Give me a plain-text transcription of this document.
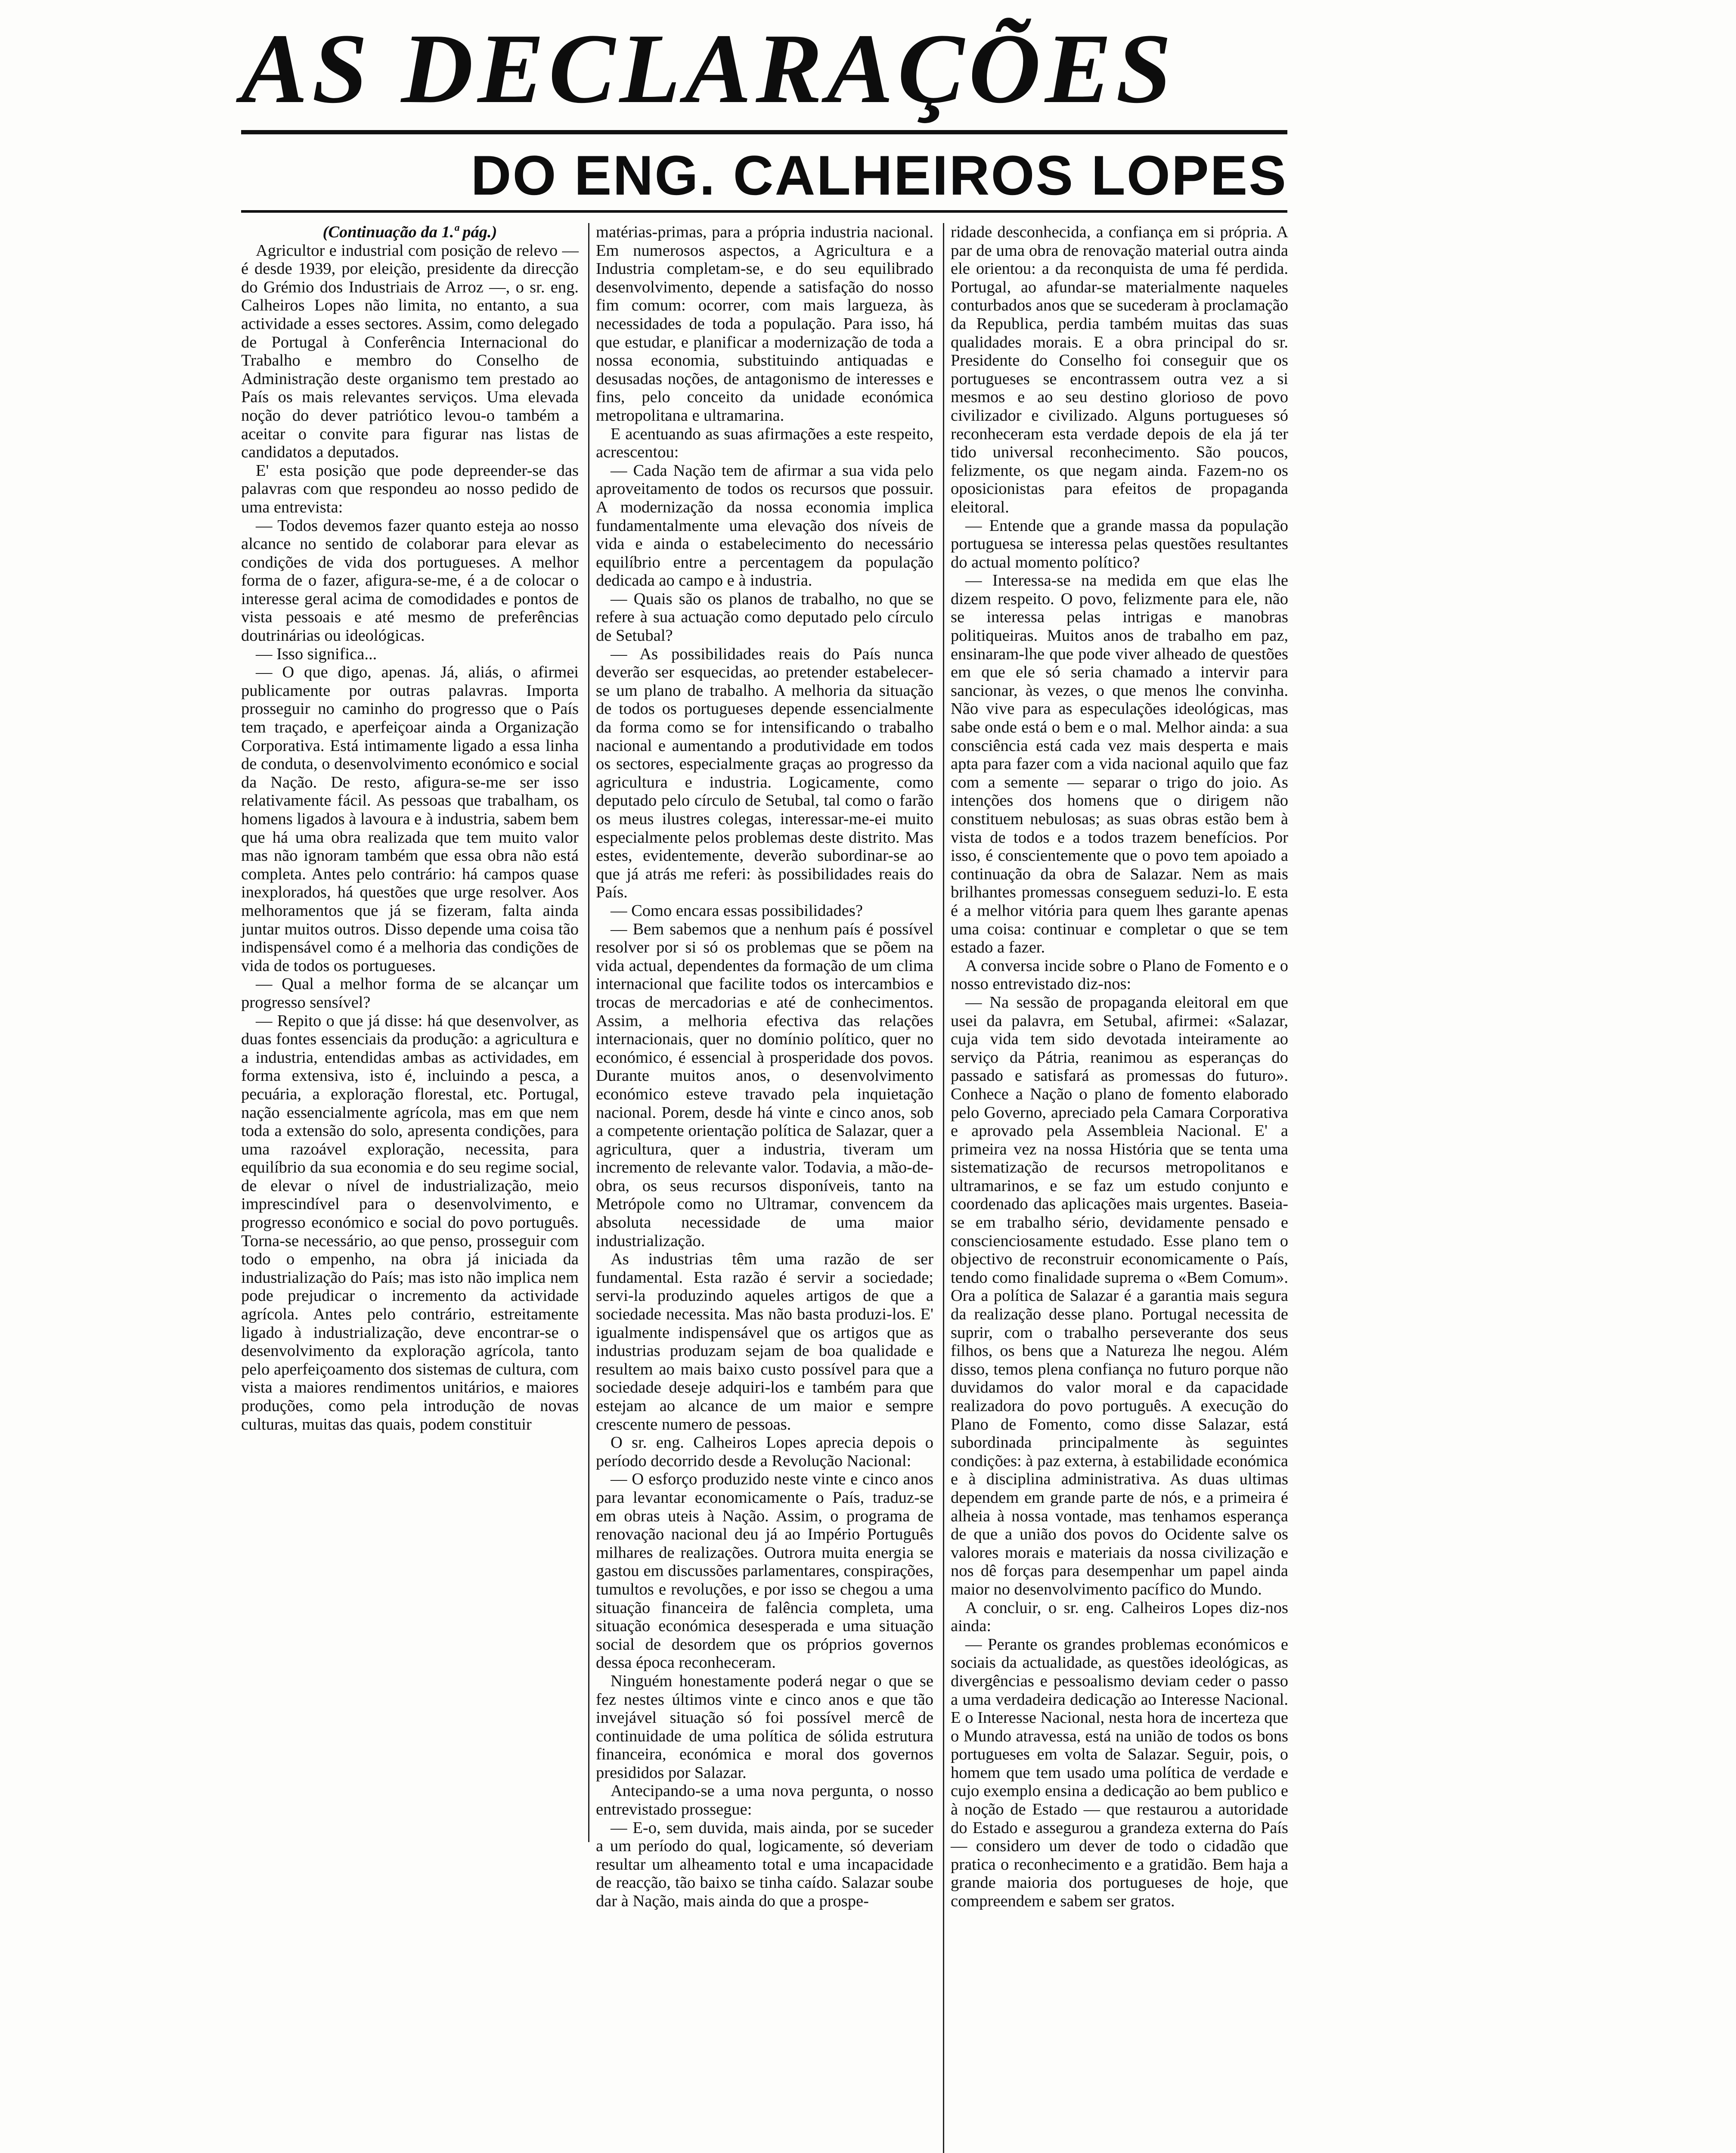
AS DECLARAÇÕES
DO ENG. CALHEIROS LOPES

(Continuação da 1.ª pág.)

Agricultor e industrial com posição de relevo — é desde 1939, por eleição, presidente da direcção do Grémio dos Industriais de Arroz —, o sr. eng. Calheiros Lopes não limita, no entanto, a sua actividade a esses sectores. Assim, como delegado de Portugal à Conferência Internacional do Trabalho e membro do Conselho de Administração deste organismo tem prestado ao País os mais relevantes serviços. Uma elevada noção do dever patriótico levou-o também a aceitar o convite para figurar nas listas de candidatos a deputados.

E' esta posição que pode depreender-se das palavras com que respondeu ao nosso pedido de uma entrevista:

— Todos devemos fazer quanto esteja ao nosso alcance no sentido de colaborar para elevar as condições de vida dos portugueses. A melhor forma de o fazer, afigura-se-me, é a de colocar o interesse geral acima de comodidades e pontos de vista pessoais e até mesmo de preferências doutrinárias ou ideológicas.

— Isso significa...

— O que digo, apenas. Já, aliás, o afirmei publicamente por outras palavras. Importa prosseguir no caminho do progresso que o País tem traçado, e aperfeiçoar ainda a Organização Corporativa. Está intimamente ligado a essa linha de conduta, o desenvolvimento económico e social da Nação. De resto, afigura-se-me ser isso relativamente fácil. As pessoas que trabalham, os homens ligados à lavoura e à industria, sabem bem que há uma obra realizada que tem muito valor mas não ignoram também que essa obra não está completa. Antes pelo contrário: há campos quase inexplorados, há questões que urge resolver. Aos melhoramentos que já se fizeram, falta ainda juntar muitos outros. Disso depende uma coisa tão indispensável como é a melhoria das condições de vida de todos os portugueses.

— Qual a melhor forma de se alcançar um progresso sensível?

— Repito o que já disse: há que desenvolver, as duas fontes essenciais da produção: a agricultura e a industria, entendidas ambas as actividades, em forma extensiva, isto é, incluindo a pesca, a pecuária, a exploração florestal, etc. Portugal, nação essencialmente agrícola, mas em que nem toda a extensão do solo, apresenta condições, para uma razoável exploração, necessita, para equilíbrio da sua economia e do seu regime social, de elevar o nível de industrialização, meio imprescindível para o desenvolvimento, e progresso económico e social do povo português. Torna-se necessário, ao que penso, prosseguir com todo o empenho, na obra já iniciada da industrialização do País; mas isto não implica nem pode prejudicar o incremento da actividade agrícola. Antes pelo contrário, estreitamente ligado à industrialização, deve encontrar-se o desenvolvimento da exploração agrícola, tanto pelo aperfeiçoamento dos sistemas de cultura, com vista a maiores rendimentos unitários, e maiores produções, como pela introdução de novas culturas, muitas das quais, podem constituir

matérias-primas, para a própria industria nacional. Em numerosos aspectos, a Agricultura e a Industria completam-se, e do seu equilibrado desenvolvimento, depende a satisfação do nosso fim comum: ocorrer, com mais largueza, às necessidades de toda a população. Para isso, há que estudar, e planificar a modernização de toda a nossa economia, substituindo antiquadas e desusadas noções, de antagonismo de interesses e fins, pelo conceito da unidade económica metropolitana e ultramarina.

E acentuando as suas afirmações a este respeito, acrescentou:

— Cada Nação tem de afirmar a sua vida pelo aproveitamento de todos os recursos que possuir. A modernização da nossa economia implica fundamentalmente uma elevação dos níveis de vida e ainda o estabelecimento do necessário equilíbrio entre a percentagem da população dedicada ao campo e à industria.

— Quais são os planos de trabalho, no que se refere à sua actuação como deputado pelo círculo de Setubal?

— As possibilidades reais do País nunca deverão ser esquecidas, ao pretender estabelecer-se um plano de trabalho. A melhoria da situação de todos os portugueses depende essencialmente da forma como se for intensificando o trabalho nacional e aumentando a produtividade em todos os sectores, especialmente graças ao progresso da agricultura e industria. Logicamente, como deputado pelo círculo de Setubal, tal como o farão os meus ilustres colegas, interessar-me-ei muito especialmente pelos problemas deste distrito. Mas estes, evidentemente, deverão subordinar-se ao que já atrás me referi: às possibilidades reais do País.

— Como encara essas possibilidades?

— Bem sabemos que a nenhum país é possível resolver por si só os problemas que se põem na vida actual, dependentes da formação de um clima internacional que facilite todos os intercambios e trocas de mercadorias e até de conhecimentos. Assim, a melhoria efectiva das relações internacionais, quer no domínio político, quer no económico, é essencial à prosperidade dos povos. Durante muitos anos, o desenvolvimento económico esteve travado pela inquietação nacional. Porem, desde há vinte e cinco anos, sob a competente orientação política de Salazar, quer a agricultura, quer a industria, tiveram um incremento de relevante valor. Todavia, a mão-de-obra, os seus recursos disponíveis, tanto na Metrópole como no Ultramar, convencem da absoluta necessidade de uma maior industrialização.

As industrias têm uma razão de ser fundamental. Esta razão é servir a sociedade; servi-la produzindo aqueles artigos de que a sociedade necessita. Mas não basta produzi-los. E' igualmente indispensável que os artigos que as industrias produzam sejam de boa qualidade e resultem ao mais baixo custo possível para que a sociedade deseje adquiri-los e também para que estejam ao alcance de um maior e sempre crescente numero de pessoas.

O sr. eng. Calheiros Lopes aprecia depois o período decorrido desde a Revolução Nacional:

— O esforço produzido neste vinte e cinco anos para levantar economicamente o País, traduz-se em obras uteis à Nação. Assim, o programa de renovação nacional deu já ao Império Português milhares de realizações. Outrora muita energia se gastou em discussões parlamentares, conspirações, tumultos e revoluções, e por isso se chegou a uma situação financeira de falência completa, uma situação económica desesperada e uma situação social de desordem que os próprios governos dessa época reconheceram.

Ninguém honestamente poderá negar o que se fez nestes últimos vinte e cinco anos e que tão invejável situação só foi possível mercê de continuidade de uma política de sólida estrutura financeira, económica e moral dos governos presididos por Salazar.

Antecipando-se a uma nova pergunta, o nosso entrevistado prossegue:

— E-o, sem duvida, mais ainda, por se suceder a um período do qual, logicamente, só deveriam resultar um alheamento total e uma incapacidade de reacção, tão baixo se tinha caído. Salazar soube dar à Nação, mais ainda do que a prospe-

ridade desconhecida, a confiança em si própria. A par de uma obra de renovação material outra ainda ele orientou: a da reconquista de uma fé perdida. Portugal, ao afundar-se materialmente naqueles conturbados anos que se sucederam à proclamação da Republica, perdia também muitas das suas qualidades morais. E a obra principal do sr. Presidente do Conselho foi conseguir que os portugueses se encontrassem outra vez a si mesmos e ao seu destino glorioso de povo civilizador e civilizado. Alguns portugueses só reconheceram esta verdade depois de ela já ter tido universal reconhecimento. São poucos, felizmente, os que negam ainda. Fazem-no os oposicionistas para efeitos de propaganda eleitoral.

— Entende que a grande massa da população portuguesa se interessa pelas questões resultantes do actual momento político?

— Interessa-se na medida em que elas lhe dizem respeito. O povo, felizmente para ele, não se interessa pelas intrigas e manobras politiqueiras. Muitos anos de trabalho em paz, ensinaram-lhe que pode viver alheado de questões em que ele só seria chamado a intervir para sancionar, às vezes, o que menos lhe convinha. Não vive para as especulações ideológicas, mas sabe onde está o bem e o mal. Melhor ainda: a sua consciência está cada vez mais desperta e mais apta para fazer com a vida nacional aquilo que faz com a semente — separar o trigo do joio. As intenções dos homens que o dirigem não constituem nebulosas; as suas obras estão bem à vista de todos e a todos trazem benefícios. Por isso, é conscientemente que o povo tem apoiado a continuação da obra de Salazar. Nem as mais brilhantes promessas conseguem seduzi-lo. E esta é a melhor vitória para quem lhes garante apenas uma coisa: continuar e completar o que se tem estado a fazer.

A conversa incide sobre o Plano de Fomento e o nosso entrevistado diz-nos:

— Na sessão de propaganda eleitoral em que usei da palavra, em Setubal, afirmei: «Salazar, cuja vida tem sido devotada inteiramente ao serviço da Pátria, reanimou as esperanças do passado e satisfará as promessas do futuro». Conhece a Nação o plano de fomento elaborado pelo Governo, apreciado pela Camara Corporativa e aprovado pela Assembleia Nacional. E' a primeira vez na nossa História que se tenta uma sistematização de recursos metropolitanos e ultramarinos, e se faz um estudo conjunto e coordenado das aplicações mais urgentes. Baseia-se em trabalho sério, devidamente pensado e conscienciosamente estudado. Esse plano tem o objectivo de reconstruir economicamente o País, tendo como finalidade suprema o «Bem Comum». Ora a política de Salazar é a garantia mais segura da realização desse plano. Portugal necessita de suprir, com o trabalho perseverante dos seus filhos, os bens que a Natureza lhe negou. Além disso, temos plena confiança no futuro porque não duvidamos do valor moral e da capacidade realizadora do povo português. A execução do Plano de Fomento, como disse Salazar, está subordinada principalmente às seguintes condições: à paz externa, à estabilidade económica e à disciplina administrativa. As duas ultimas dependem em grande parte de nós, e a primeira é alheia à nossa vontade, mas tenhamos esperança de que a união dos povos do Ocidente salve os valores morais e materiais da nossa civilização e nos dê forças para desempenhar um papel ainda maior no desenvolvimento pacífico do Mundo.

A concluir, o sr. eng. Calheiros Lopes diz-nos ainda:

— Perante os grandes problemas económicos e sociais da actualidade, as questões ideológicas, as divergências e pessoalismo deviam ceder o passo a uma verdadeira dedicação ao Interesse Nacional. E o Interesse Nacional, nesta hora de incerteza que o Mundo atravessa, está na união de todos os bons portugueses em volta de Salazar. Seguir, pois, o homem que tem usado uma política de verdade e cujo exemplo ensina a dedicação ao bem publico e à noção de Estado — que restaurou a autoridade do Estado e assegurou a grandeza externa do País — considero um dever de todo o cidadão que pratica o reconhecimento e a gratidão. Bem haja a grande maioria dos portugueses de hoje, que compreendem e sabem ser gratos.
